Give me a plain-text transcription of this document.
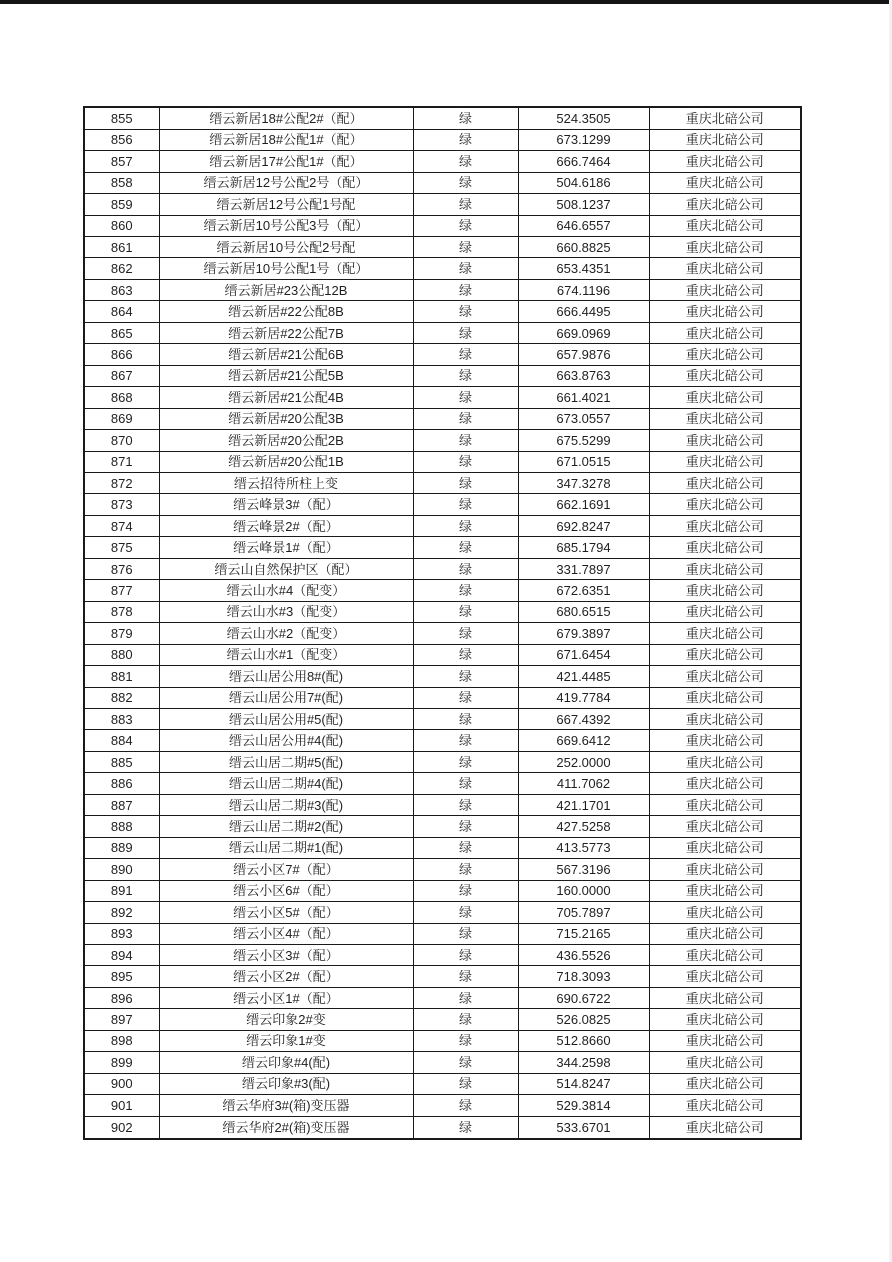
855	缙云新居18#公配2#（配）	绿	524.3505	重庆北碚公司
856	缙云新居18#公配1#（配）	绿	673.1299	重庆北碚公司
857	缙云新居17#公配1#（配）	绿	666.7464	重庆北碚公司
858	缙云新居12号公配2号（配）	绿	504.6186	重庆北碚公司
859	缙云新居12号公配1号配	绿	508.1237	重庆北碚公司
860	缙云新居10号公配3号（配）	绿	646.6557	重庆北碚公司
861	缙云新居10号公配2号配	绿	660.8825	重庆北碚公司
862	缙云新居10号公配1号（配）	绿	653.4351	重庆北碚公司
863	缙云新居#23公配12B	绿	674.1196	重庆北碚公司
864	缙云新居#22公配8B	绿	666.4495	重庆北碚公司
865	缙云新居#22公配7B	绿	669.0969	重庆北碚公司
866	缙云新居#21公配6B	绿	657.9876	重庆北碚公司
867	缙云新居#21公配5B	绿	663.8763	重庆北碚公司
868	缙云新居#21公配4B	绿	661.4021	重庆北碚公司
869	缙云新居#20公配3B	绿	673.0557	重庆北碚公司
870	缙云新居#20公配2B	绿	675.5299	重庆北碚公司
871	缙云新居#20公配1B	绿	671.0515	重庆北碚公司
872	缙云招待所柱上变	绿	347.3278	重庆北碚公司
873	缙云峰景3#（配）	绿	662.1691	重庆北碚公司
874	缙云峰景2#（配）	绿	692.8247	重庆北碚公司
875	缙云峰景1#（配）	绿	685.1794	重庆北碚公司
876	缙云山自然保护区（配）	绿	331.7897	重庆北碚公司
877	缙云山水#4（配变）	绿	672.6351	重庆北碚公司
878	缙云山水#3（配变）	绿	680.6515	重庆北碚公司
879	缙云山水#2（配变）	绿	679.3897	重庆北碚公司
880	缙云山水#1（配变）	绿	671.6454	重庆北碚公司
881	缙云山居公用8#(配)	绿	421.4485	重庆北碚公司
882	缙云山居公用7#(配)	绿	419.7784	重庆北碚公司
883	缙云山居公用#5(配)	绿	667.4392	重庆北碚公司
884	缙云山居公用#4(配)	绿	669.6412	重庆北碚公司
885	缙云山居二期#5(配)	绿	252.0000	重庆北碚公司
886	缙云山居二期#4(配)	绿	411.7062	重庆北碚公司
887	缙云山居二期#3(配)	绿	421.1701	重庆北碚公司
888	缙云山居二期#2(配)	绿	427.5258	重庆北碚公司
889	缙云山居二期#1(配)	绿	413.5773	重庆北碚公司
890	缙云小区7#（配）	绿	567.3196	重庆北碚公司
891	缙云小区6#（配）	绿	160.0000	重庆北碚公司
892	缙云小区5#（配）	绿	705.7897	重庆北碚公司
893	缙云小区4#（配）	绿	715.2165	重庆北碚公司
894	缙云小区3#（配）	绿	436.5526	重庆北碚公司
895	缙云小区2#（配）	绿	718.3093	重庆北碚公司
896	缙云小区1#（配）	绿	690.6722	重庆北碚公司
897	缙云印象2#变	绿	526.0825	重庆北碚公司
898	缙云印象1#变	绿	512.8660	重庆北碚公司
899	缙云印象#4(配)	绿	344.2598	重庆北碚公司
900	缙云印象#3(配)	绿	514.8247	重庆北碚公司
901	缙云华府3#(箱)变压器	绿	529.3814	重庆北碚公司
902	缙云华府2#(箱)变压器	绿	533.6701	重庆北碚公司
